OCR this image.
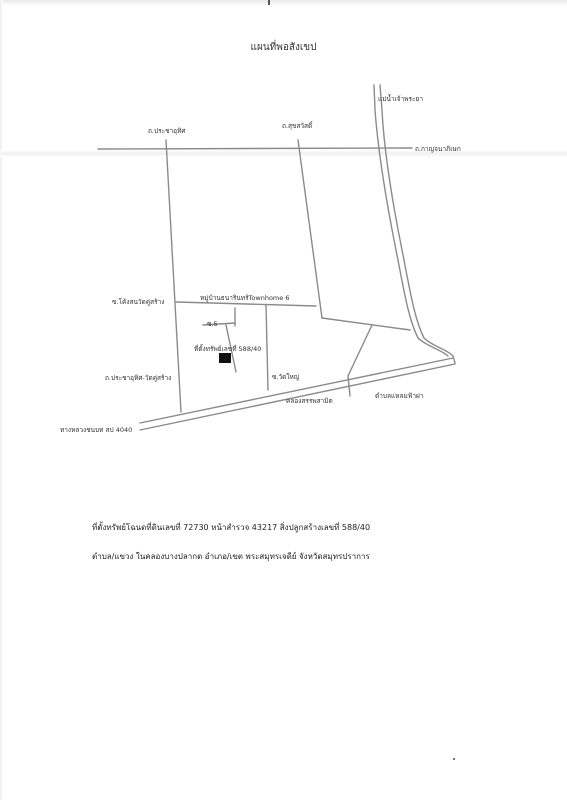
แผนที่พอสังเขป
ถ.ประชาอุทิศ
ถ.สุขสวัสดิ์
แม่น้ำเจ้าพระยา
ถ.กาญจนาภิเษก
ซ.โค้งสนวัดคู่สร้าง	หมู่บ้านธนารินทร์Townhome 6
ซ.5
ที่ตั้งทรัพย์เลขที่ 588/40
ถ.ประชาอุทิศ-วัดคู่สร้าง	ซ.วัดใหญ่
คลองสรรพสามิต
ตำบลแหลมฟ้าผ่า
ทางหลวงชนบท สป 4040
ที่ตั้งทรัพย์โฉนดที่ดินเลขที่ 72730 หน้าสำรวจ 43217 สิ่งปลูกสร้างเลขที่ 588/40
ตำบล/แขวง ในคลองบางปลากด อำเภอ/เขต พระสมุทรเจดีย์ จังหวัดสมุทรปราการ
